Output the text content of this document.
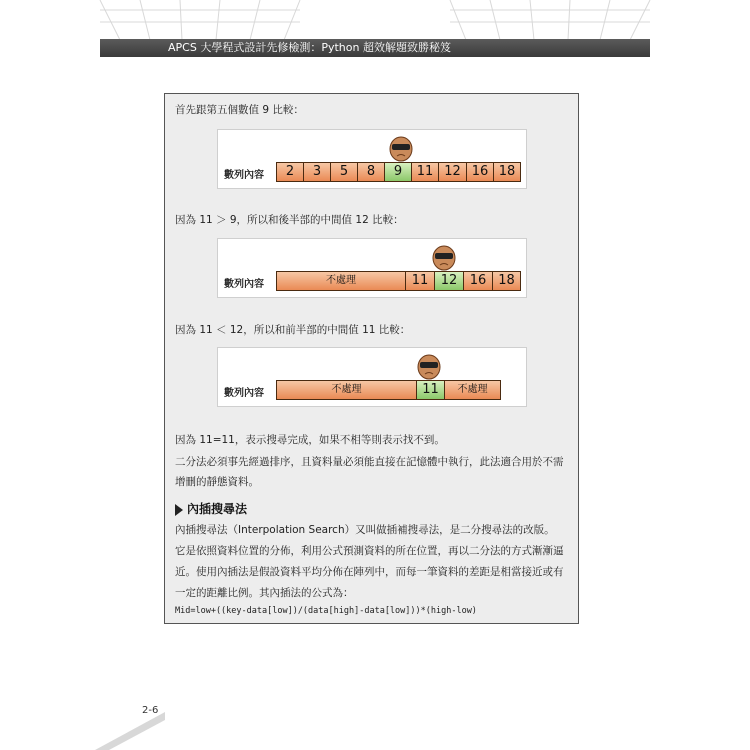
APCS 大學程式設計先修檢測：Python 超效解題致勝秘笈
首先跟第五個數值 9 比較：
數列內容	2	3	5	8	9	11 12 16 18
因為 11 ＞ 9，所以和後半部的中間值 12 比較：
數列內容	不處理	11 12 16 18
因為 11 ＜ 12，所以和前半部的中間值 11 比較：
數列內容	不處理	11	不處理
因為 11=11，表示搜尋完成，如果不相等則表示找不到。
二分法必須事先經過排序，且資料量必須能直接在記憶體中執行，此法適合用於不需
增刪的靜態資料。
內插搜尋法
內插搜尋法（Interpolation Search）又叫做插補搜尋法，是二分搜尋法的改版。
它是依照資料位置的分佈，利用公式預測資料的所在位置，再以二分法的方式漸漸逼
近。使用內插法是假設資料平均分佈在陣列中，而每一筆資料的差距是相當接近或有
一定的距離比例。其內插法的公式為：
Mid=low+((key-data[low])/(data[high]-data[low]))*(high-low)
2-6
